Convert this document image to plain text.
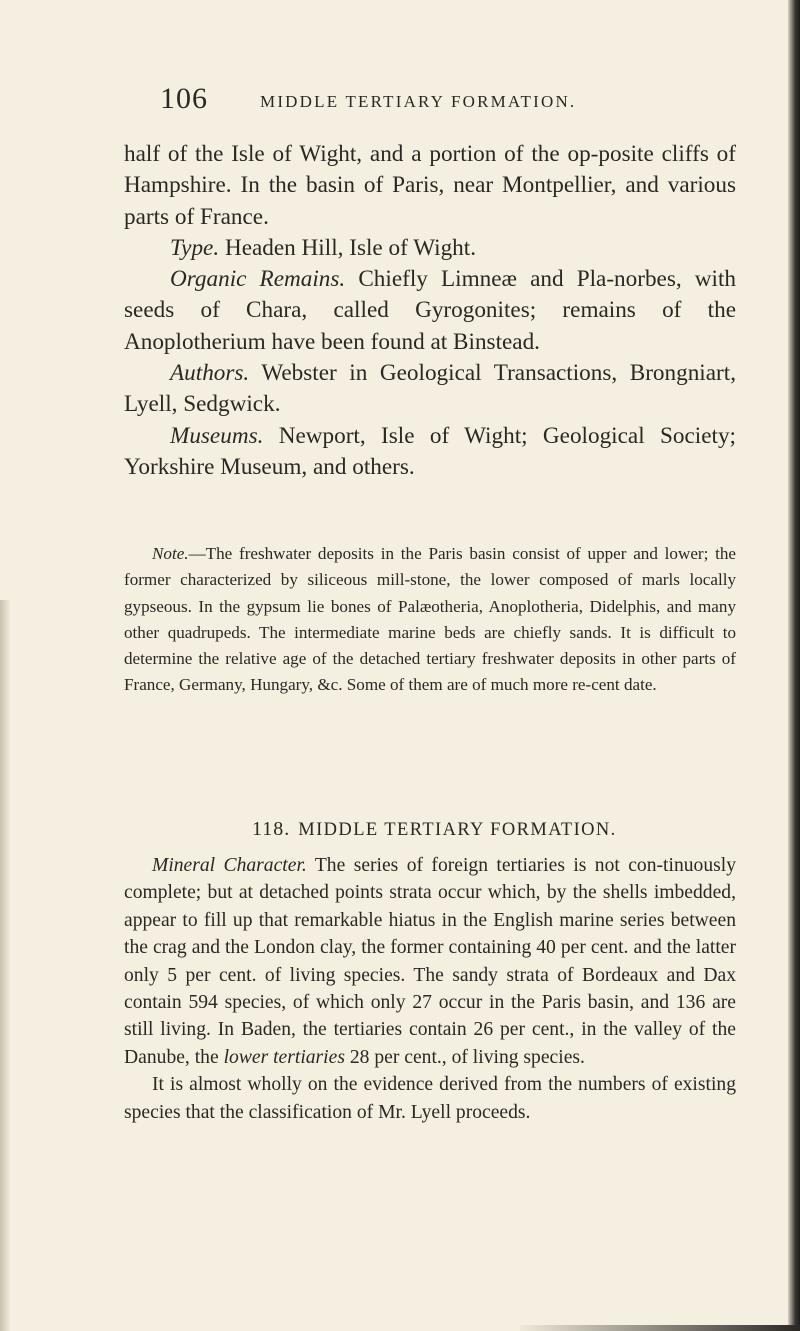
106	MIDDLE TERTIARY FORMATION.

half of the Isle of Wight, and a portion of the op-posite cliffs of Hampshire. In the basin of Paris, near Montpellier, and various parts of France.

Type. Headen Hill, Isle of Wight.

Organic Remains. Chiefly Limneæ and Pla-norbes, with seeds of Chara, called Gyrogonites; remains of the Anoplotherium have been found at Binstead.

Authors. Webster in Geological Transactions, Brongniart, Lyell, Sedgwick.

Museums. Newport, Isle of Wight; Geological Society; Yorkshire Museum, and others.

Note.—The freshwater deposits in the Paris basin consist of upper and lower; the former characterized by siliceous mill-stone, the lower composed of marls locally gypseous. In the gypsum lie bones of Palæotheria, Anoplotheria, Didelphis, and many other quadrupeds. The intermediate marine beds are chiefly sands. It is difficult to determine the relative age of the detached tertiary freshwater deposits in other parts of France, Germany, Hungary, &c. Some of them are of much more re-cent date.

118. MIDDLE TERTIARY FORMATION.

Mineral Character. The series of foreign tertiaries is not con-tinuously complete; but at detached points strata occur which, by the shells imbedded, appear to fill up that remarkable hiatus in the English marine series between the crag and the London clay, the former containing 40 per cent. and the latter only 5 per cent. of living species. The sandy strata of Bordeaux and Dax contain 594 species, of which only 27 occur in the Paris basin, and 136 are still living. In Baden, the tertiaries contain 26 per cent., in the valley of the Danube, the lower tertiaries 28 per cent., of living species.

It is almost wholly on the evidence derived from the numbers of existing species that the classification of Mr. Lyell proceeds.
